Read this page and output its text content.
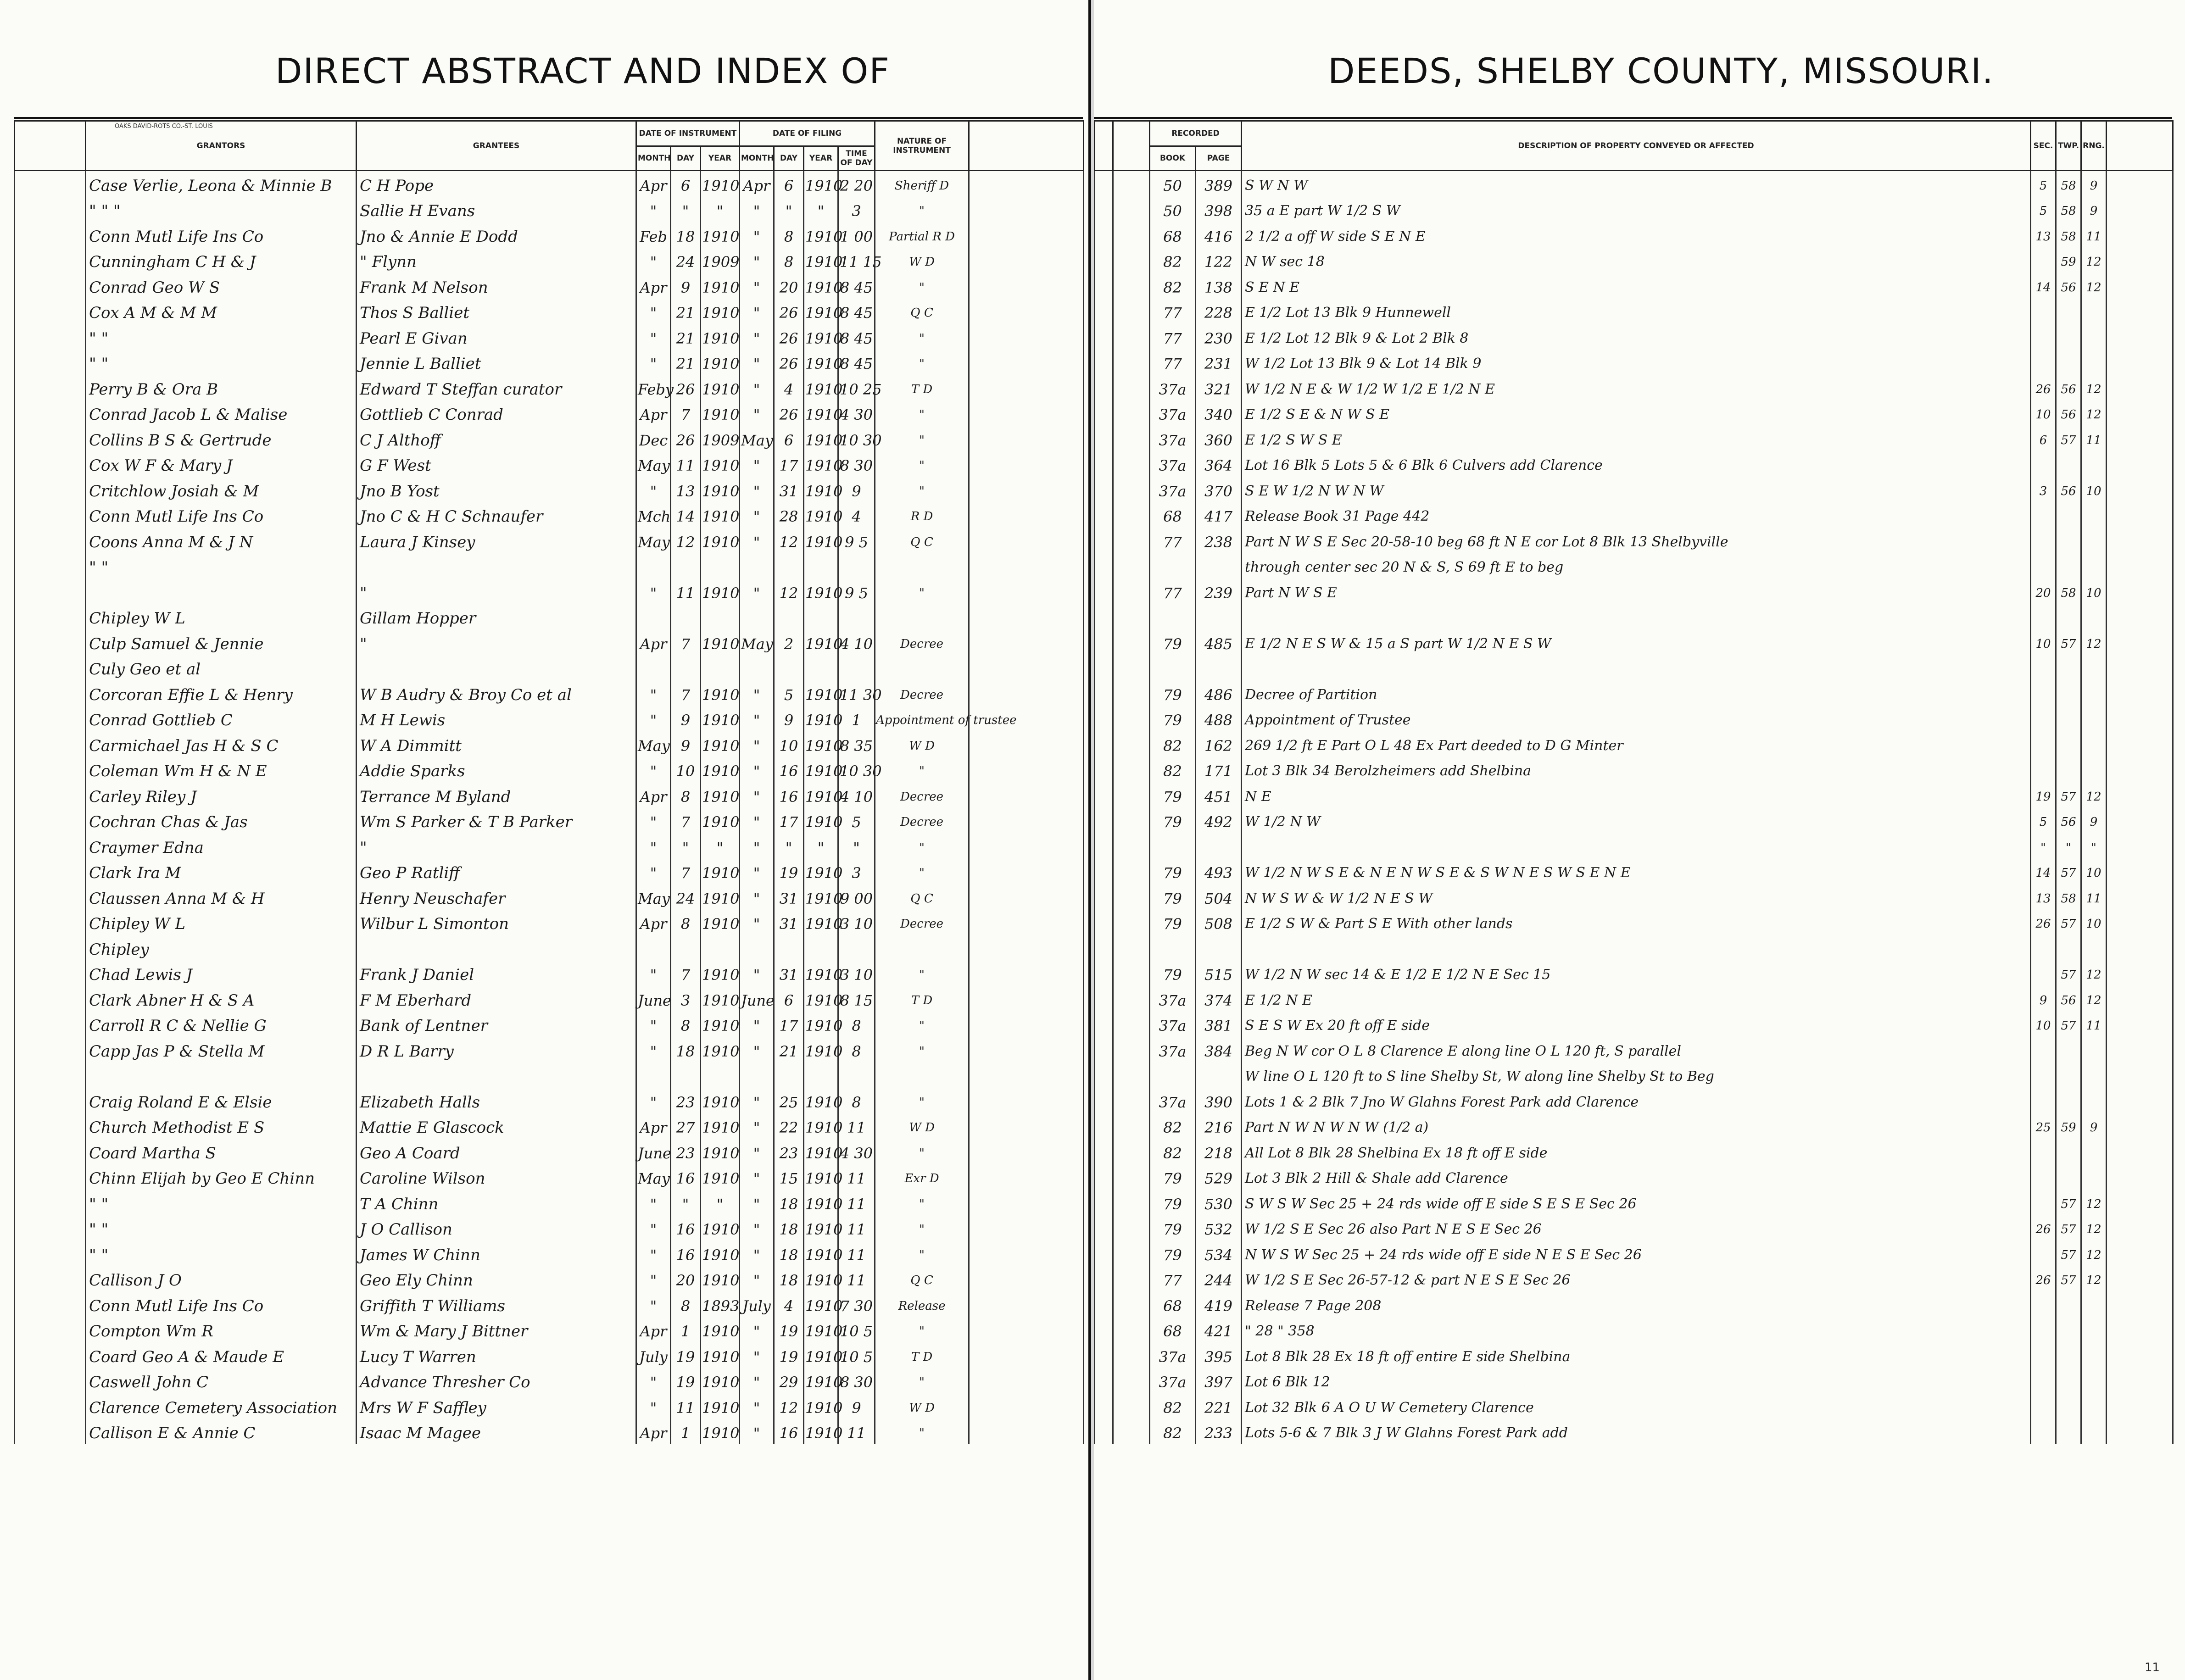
DIRECT ABSTRACT AND INDEX OF
OAKS DAVID-ROTS CO.-ST. LOUIS
	GRANTORS	GRANTEES	DATE OF INSTRUMENT			DATE OF FILING				NATURE OF INSTRUMENT	
			MONTH	DAY	YEAR	MONTH	DAY	YEAR	TIME OF DAY		
	Case Verlie, Leona & Minnie B	C H Pope	Apr	6	1910	Apr	6	1910	2 20	Sheriff D	
	" " "	Sallie H Evans	"	"	"	"	"	"	3	"	
	Conn Mutl Life Ins Co	Jno & Annie E Dodd	Feb	18	1910	"	8	1910	1 00	Partial R D	
	Cunningham C H & J	" Flynn	"	24	1909	"	8	1910	11 15	W D	
	Conrad Geo W S	Frank M Nelson	Apr	9	1910	"	20	1910	8 45	"	
	Cox A M & M M	Thos S Balliet	"	21	1910	"	26	1910	8 45	Q C	
	" "	Pearl E Givan	"	21	1910	"	26	1910	8 45	"	
	" "	Jennie L Balliet	"	21	1910	"	26	1910	8 45	"	
	Perry B & Ora B	Edward T Steffan curator	Feby	26	1910	"	4	1910	10 25	T D	
	Conrad Jacob L & Malise	Gottlieb C Conrad	Apr	7	1910	"	26	1910	4 30	"	
	Collins B S & Gertrude	C J Althoff	Dec	26	1909	May	6	1910	10 30	"	
	Cox W F & Mary J	G F West	May	11	1910	"	17	1910	8 30	"	
	Critchlow Josiah & M	Jno B Yost	"	13	1910	"	31	1910	9	"	
	Conn Mutl Life Ins Co	Jno C & H C Schnaufer	Mch	14	1910	"	28	1910	4	R D	
	Coons Anna M & J N	Laura J Kinsey	May	12	1910	"	12	1910	9 5	Q C	
	" "										
		"	"	11	1910	"	12	1910	9 5	"	
	Chipley W L	Gillam Hopper									
	Culp Samuel & Jennie	"	Apr	7	1910	May	2	1910	4 10	Decree	
	Culy Geo et al										
	Corcoran Effie L & Henry	W B Audry & Broy Co et al	"	7	1910	"	5	1910	11 30	Decree	
	Conrad Gottlieb C	M H Lewis	"	9	1910	"	9	1910	1	Appointment of trustee	
	Carmichael Jas H & S C	W A Dimmitt	May	9	1910	"	10	1910	8 35	W D	
	Coleman Wm H & N E	Addie Sparks	"	10	1910	"	16	1910	10 30	"	
	Carley Riley J	Terrance M Byland	Apr	8	1910	"	16	1910	4 10	Decree	
	Cochran Chas & Jas	Wm S Parker & T B Parker	"	7	1910	"	17	1910	5	Decree	
	Craymer Edna	"	"	"	"	"	"	"	"	"	
	Clark Ira M	Geo P Ratliff	"	7	1910	"	19	1910	3	"	
	Claussen Anna M & H	Henry Neuschafer	May	24	1910	"	31	1910	9 00	Q C	
	Chipley W L	Wilbur L Simonton	Apr	8	1910	"	31	1910	3 10	Decree	
	Chipley										
	Chad Lewis J	Frank J Daniel	"	7	1910	"	31	1910	3 10	"	
	Clark Abner H & S A	F M Eberhard	June	3	1910	June	6	1910	8 15	T D	
	Carroll R C & Nellie G	Bank of Lentner	"	8	1910	"	17	1910	8	"	
	Capp Jas P & Stella M	D R L Barry	"	18	1910	"	21	1910	8	"	

	Craig Roland E & Elsie	Elizabeth Halls	"	23	1910	"	25	1910	8	"	
	Church Methodist E S	Mattie E Glascock	Apr	27	1910	"	22	1910	11	W D	
	Coard Martha S	Geo A Coard	June	23	1910	"	23	1910	4 30	"	
	Chinn Elijah by Geo E Chinn	Caroline Wilson	May	16	1910	"	15	1910	11	Exr D	
	" "	T A Chinn	"	"	"	"	18	1910	11	"	
	" "	J O Callison	"	16	1910	"	18	1910	11	"	
	" "	James W Chinn	"	16	1910	"	18	1910	11	"	
	Callison J O	Geo Ely Chinn	"	20	1910	"	18	1910	11	Q C	
	Conn Mutl Life Ins Co	Griffith T Williams	"	8	1893	July	4	1910	7 30	Release	
	Compton Wm R	Wm & Mary J Bittner	Apr	1	1910	"	19	1910	10 5	"	
	Coard Geo A & Maude E	Lucy T Warren	July	19	1910	"	19	1910	10 5	T D	
	Caswell John C	Advance Thresher Co	"	19	1910	"	29	1910	8 30	"	
	Clarence Cemetery Association	Mrs W F Saffley	"	11	1910	"	12	1910	9	W D	
	Callison E & Annie C	Isaac M Magee	Apr	1	1910	"	16	1910	11	"	
DEEDS, SHELBY COUNTY, MISSOURI.
		RECORDED		DESCRIPTION OF PROPERTY CONVEYED OR AFFECTED	SEC.	TWP.	RNG.	
		BOOK	PAGE					
		50	389	S W N W	5	58	9	
		50	398	35 a E part W 1/2 S W	5	58	9	
		68	416	2 1/2 a off W side S E N E	13	58	11	
		82	122	N W sec 18		59	12	
		82	138	S E N E	14	56	12	
		77	228	E 1/2 Lot 13 Blk 9 Hunnewell				
		77	230	E 1/2 Lot 12 Blk 9 & Lot 2 Blk 8				
		77	231	W 1/2 Lot 13 Blk 9 & Lot 14 Blk 9				
		37a	321	W 1/2 N E & W 1/2 W 1/2 E 1/2 N E	26	56	12	
		37a	340	E 1/2 S E & N W S E	10	56	12	
		37a	360	E 1/2 S W S E	6	57	11	
		37a	364	Lot 16 Blk 5 Lots 5 & 6 Blk 6 Culvers add Clarence				
		37a	370	S E W 1/2 N W N W	3	56	10	
		68	417	Release Book 31 Page 442				
		77	238	Part N W S E Sec 20-58-10 beg 68 ft N E cor Lot 8 Blk 13 Shelbyville				
				through center sec 20 N & S, S 69 ft E to beg				
		77	239	Part N W S E	20	58	10	

		79	485	E 1/2 N E S W & 15 a S part W 1/2 N E S W	10	57	12	

		79	486	Decree of Partition				
		79	488	Appointment of Trustee				
		82	162	269 1/2 ft E Part O L 48 Ex Part deeded to D G Minter				
		82	171	Lot 3 Blk 34 Berolzheimers add Shelbina				
		79	451	N E	19	57	12	
		79	492	W 1/2 N W	5	56	9	
					"	"	"	
		79	493	W 1/2 N W S E & N E N W S E & S W N E S W S E N E	14	57	10	
		79	504	N W S W & W 1/2 N E S W	13	58	11	
		79	508	E 1/2 S W & Part S E With other lands	26	57	10	

		79	515	W 1/2 N W sec 14 & E 1/2 E 1/2 N E Sec 15		57	12	
		37a	374	E 1/2 N E	9	56	12	
		37a	381	S E S W Ex 20 ft off E side	10	57	11	
		37a	384	Beg N W cor O L 8 Clarence E along line O L 120 ft, S parallel				
				W line O L 120 ft to S line Shelby St, W along line Shelby St to Beg				
		37a	390	Lots 1 & 2 Blk 7 Jno W Glahns Forest Park add Clarence				
		82	216	Part N W N W N W (1/2 a)	25	59	9	
		82	218	All Lot 8 Blk 28 Shelbina Ex 18 ft off E side				
		79	529	Lot 3 Blk 2 Hill & Shale add Clarence				
		79	530	S W S W Sec 25 + 24 rds wide off E side S E S E Sec 26		57	12	
		79	532	W 1/2 S E Sec 26 also Part N E S E Sec 26	26	57	12	
		79	534	N W S W Sec 25 + 24 rds wide off E side N E S E Sec 26		57	12	
		77	244	W 1/2 S E Sec 26-57-12 & part N E S E Sec 26	26	57	12	
		68	419	Release 7 Page 208				
		68	421	" 28 " 358				
		37a	395	Lot 8 Blk 28 Ex 18 ft off entire E side Shelbina				
		37a	397	Lot 6 Blk 12				
		82	221	Lot 32 Blk 6 A O U W Cemetery Clarence				
		82	233	Lots 5-6 & 7 Blk 3 J W Glahns Forest Park add				
11
